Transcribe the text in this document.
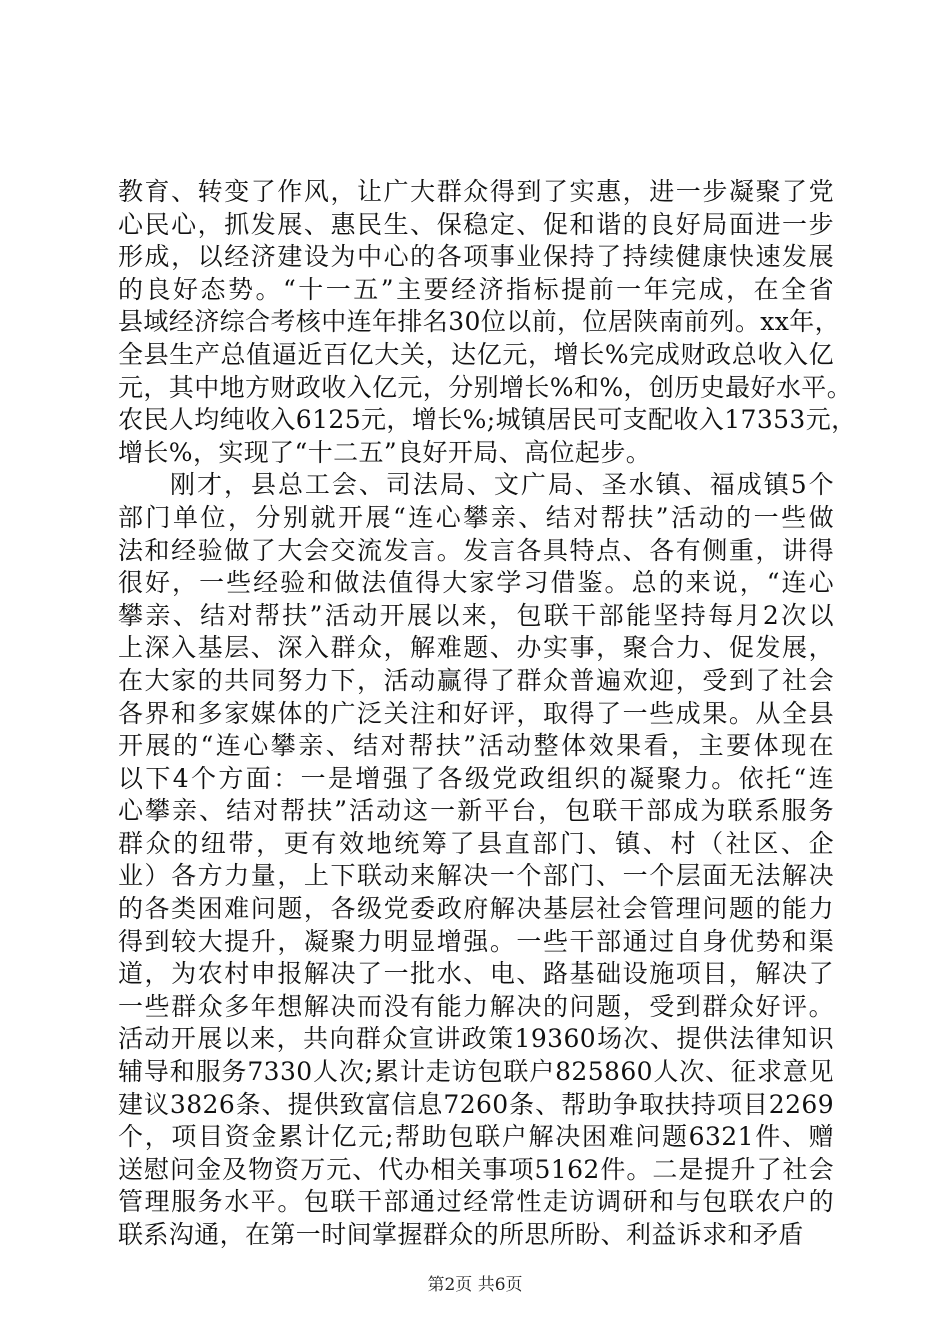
教育、转变了作风，让广大群众得到了实惠，进一步凝聚了党
心民心，抓发展、惠民生、保稳定、促和谐的良好局面进一步
形成，以经济建设为中心的各项事业保持了持续健康快速发展
的良好态势。“十一五”主要经济指标提前一年完成，在全省
县域经济综合考核中连年排名30位以前，位居陕南前列。xx年，
全县生产总值逼近百亿大关，达亿元，增长%完成财政总收入亿
元，其中地方财政收入亿元，分别增长%和%，创历史最好水平。
农民人均纯收入6125元，增长%;城镇居民可支配收入17353元，
增长%，实现了“十二五”良好开局、高位起步。
刚才，县总工会、司法局、文广局、圣水镇、福成镇5个
部门单位，分别就开展“连心攀亲、结对帮扶”活动的一些做
法和经验做了大会交流发言。发言各具特点、各有侧重，讲得
很好，一些经验和做法值得大家学习借鉴。总的来说，“连心
攀亲、结对帮扶”活动开展以来，包联干部能坚持每月2次以
上深入基层、深入群众，解难题、办实事，聚合力、促发展，
在大家的共同努力下，活动赢得了群众普遍欢迎，受到了社会
各界和多家媒体的广泛关注和好评，取得了一些成果。从全县
开展的“连心攀亲、结对帮扶”活动整体效果看，主要体现在
以下4个方面：一是增强了各级党政组织的凝聚力。依托“连
心攀亲、结对帮扶”活动这一新平台，包联干部成为联系服务
群众的纽带，更有效地统筹了县直部门、镇、村（社区、企
业）各方力量，上下联动来解决一个部门、一个层面无法解决
的各类困难问题，各级党委政府解决基层社会管理问题的能力
得到较大提升，凝聚力明显增强。一些干部通过自身优势和渠
道，为农村申报解决了一批水、电、路基础设施项目，解决了
一些群众多年想解决而没有能力解决的问题，受到群众好评。
活动开展以来，共向群众宣讲政策19360场次、提供法律知识
辅导和服务7330人次;累计走访包联户825860人次、征求意见
建议3826条、提供致富信息7260条、帮助争取扶持项目2269
个，项目资金累计亿元;帮助包联户解决困难问题6321件、赠
送慰问金及物资万元、代办相关事项5162件。二是提升了社会
管理服务水平。包联干部通过经常性走访调研和与包联农户的
联系沟通，在第一时间掌握群众的所思所盼、利益诉求和矛盾
第2页 共6页
